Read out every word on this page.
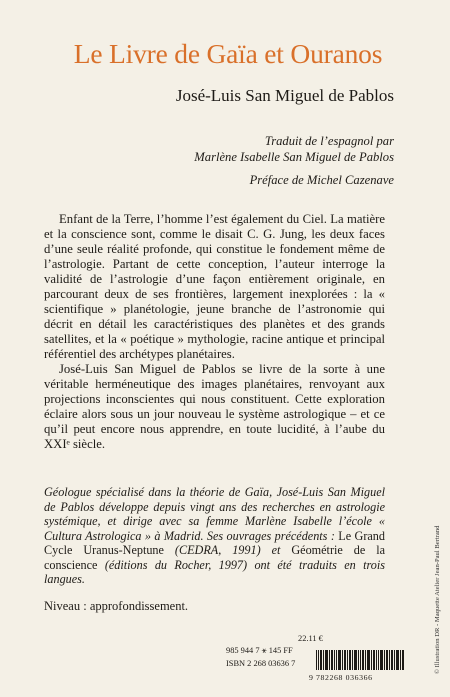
Le Livre de Gaïa et Ouranos
José-Luis San Miguel de Pablos
Traduit de l’espagnol par
Marlène Isabelle San Miguel de Pablos
Préface de Michel Cazenave

Enfant de la Terre, l’homme l’est également du Ciel. La matière et la conscience sont, comme le disait C. G. Jung, les deux faces d’une seule réalité profonde, qui constitue le fondement même de l’astrologie. Partant de cette conception, l’auteur interroge la validité de l’astrologie d’une façon entièrement originale, en parcourant deux de ses frontières, largement inexplorées : la « scientifique » planétologie, jeune branche de l’astronomie qui décrit en détail les caractéristiques des planètes et des grands satellites, et la « poétique » mythologie, racine antique et principal référentiel des archétypes planétaires.

José-Luis San Miguel de Pablos se livre de la sorte à une véritable herméneutique des images planétaires, renvoyant aux projections inconscientes qui nous constituent. Cette exploration éclaire alors sous un jour nouveau le système astrologique – et ce qu’il peut encore nous apprendre, en toute lucidité, à l’aube du XXIᵉ siècle.

Géologue spécialisé dans la théorie de Gaïa, José-Luis San Miguel de Pablos développe depuis vingt ans des recherches en astrologie systémique, et dirige avec sa femme Marlène Isabelle l’école « Cultura Astrologica » à Madrid. Ses ouvrages précédents : Le Grand Cycle Uranus-Neptune (CEDRA, 1991) et Géométrie de la conscience (éditions du Rocher, 1997) ont été traduits en trois langues.
Niveau : approfondissement.	© Illustration DR - Maquette Atelier Jean-Paul Bertrand
22.11 €
985 944 7 ⚹ 145 FF
ISBN 2 268 03636 7
9 782268 036366
